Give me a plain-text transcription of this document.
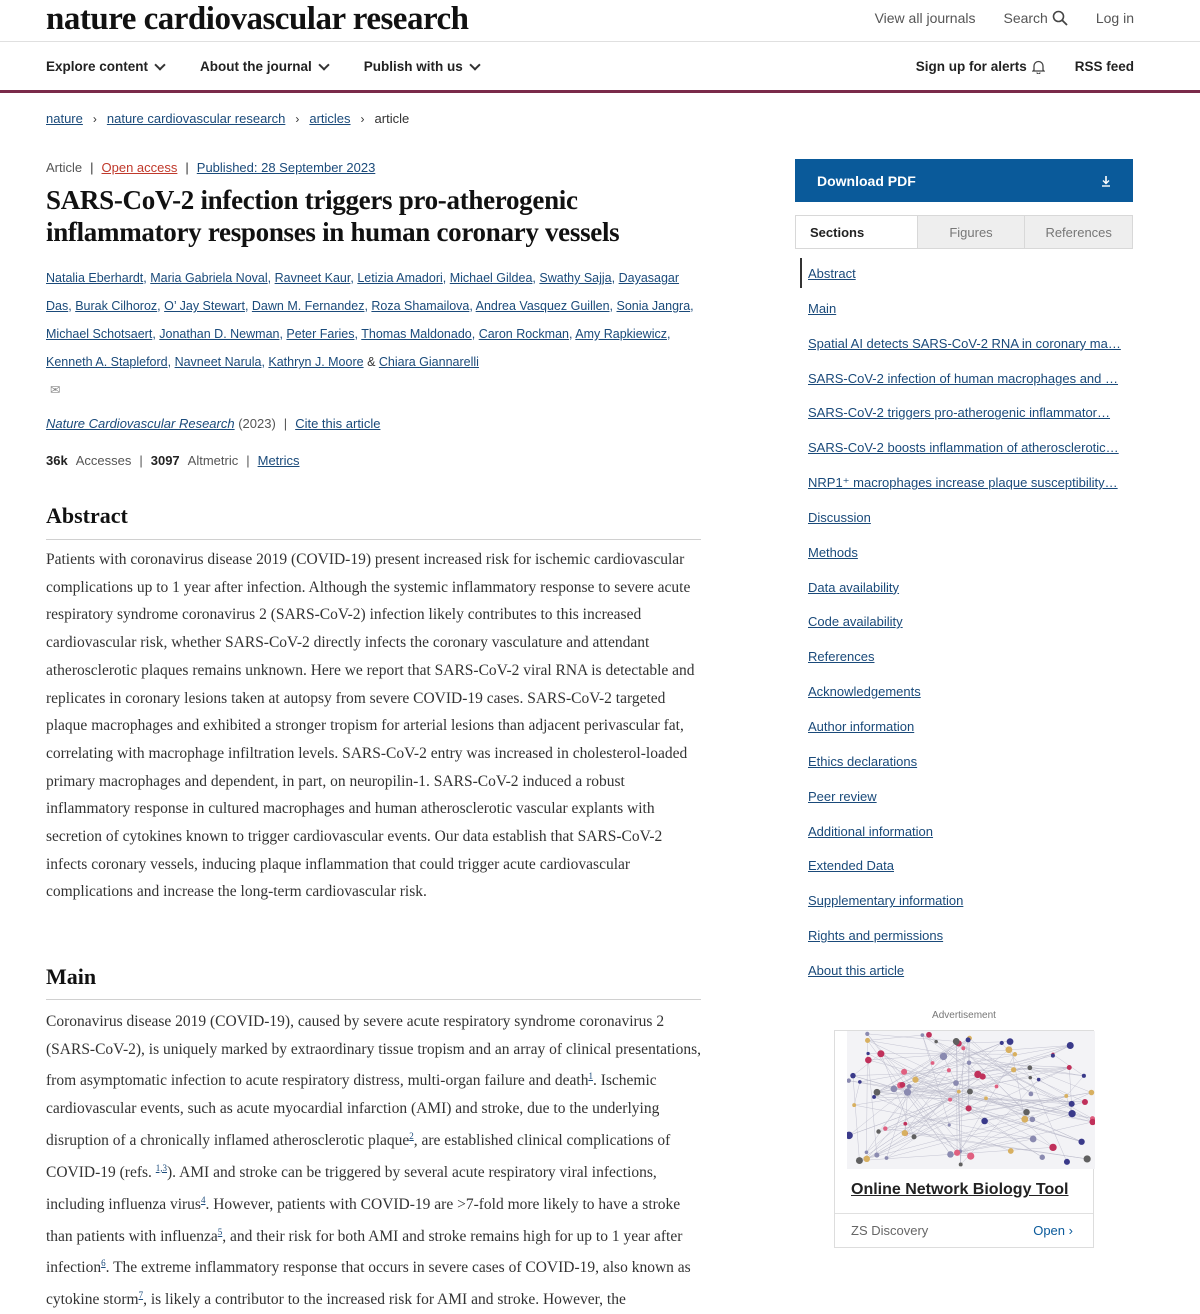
nature cardiovascular research	View all journals Search	Log in
Explore content	About the journal	Publish with us	Sign up for alerts	RSS feed
nature › nature cardiovascular research › articles › article
Article | Open access | Published: 28 September 2023
SARS-CoV-2 infection triggers pro-atherogenic inflammatory responses in human coronary vessels
Natalia Eberhardt, Maria Gabriela Noval, Ravneet Kaur, Letizia Amadori, Michael Gildea, Swathy Sajja, Dayasagar Das, Burak Cilhoroz, O’ Jay Stewart, Dawn M. Fernandez, Roza Shamailova, Andrea Vasquez Guillen, Sonia Jangra, Michael Schotsaert, Jonathan D. Newman, Peter Faries, Thomas Maldonado, Caron Rockman, Amy Rapkiewicz, Kenneth A. Stapleford, Navneet Narula, Kathryn J. Moore & Chiara Giannarelli
✉
Nature Cardiovascular Research (2023) | Cite this article
36k Accesses | 3097 Altmetric | Metrics
Abstract

Patients with coronavirus disease 2019 (COVID-19) present increased risk for ischemic cardiovascular complications up to 1 year after infection. Although the systemic inflammatory response to severe acute respiratory syndrome coronavirus 2 (SARS-CoV-2) infection likely contributes to this increased cardiovascular risk, whether SARS-CoV-2 directly infects the coronary vasculature and attendant atherosclerotic plaques remains unknown. Here we report that SARS-CoV-2 viral RNA is detectable and replicates in coronary lesions taken at autopsy from severe COVID-19 cases. SARS-CoV-2 targeted plaque macrophages and exhibited a stronger tropism for arterial lesions than adjacent perivascular fat, correlating with macrophage infiltration levels. SARS-CoV-2 entry was increased in cholesterol-loaded primary macrophages and dependent, in part, on neuropilin-1. SARS-CoV-2 induced a robust inflammatory response in cultured macrophages and human atherosclerotic vascular explants with secretion of cytokines known to trigger cardiovascular events. Our data establish that SARS-CoV-2 infects coronary vessels, inducing plaque inflammation that could trigger acute cardiovascular complications and increase the long-term cardiovascular risk.

Main

Coronavirus disease 2019 (COVID-19), caused by severe acute respiratory syndrome coronavirus 2 (SARS-CoV-2), is uniquely marked by extraordinary tissue tropism and an array of clinical presentations, from asymptomatic infection to acute respiratory distress, multi-organ failure and death$^1$. Ischemic cardiovascular events, such as acute myocardial infarction (AMI) and stroke, due to the underlying disruption of a chronically inflamed atherosclerotic plaque$^2$, are established clinical complications of COVID-19 (refs. $^{1,3}$). AMI and stroke can be triggered by several acute respiratory viral infections, including influenza virus$^4$. However, patients with COVID-19 are >7-fold more likely to have a stroke than patients with influenza$^5$, and their risk for both AMI and stroke remains high for up to 1 year after infection$^6$. The extreme inflammatory response that occurs in severe cases of COVID-19, also known as cytokine storm$^7$, is likely a contributor to the increased risk for AMI and stroke. However, the

Download PDF
Sections	Figures	References
Abstract
Main
Spatial AI detects SARS-CoV-2 RNA in coronary ma…
SARS-CoV-2 infection of human macrophages and …
SARS-CoV-2 triggers pro-atherogenic inflammator…
SARS-CoV-2 boosts inflammation of atherosclerotic…
NRP1⁺ macrophages increase plaque susceptibility…
Discussion
Methods
Data availability
Code availability
References
Acknowledgements
Author information
Ethics declarations
Peer review
Additional information
Extended Data
Supplementary information
Rights and permissions
About this article
Advertisement
Online Network Biology Tool
ZS Discovery	Open ›
